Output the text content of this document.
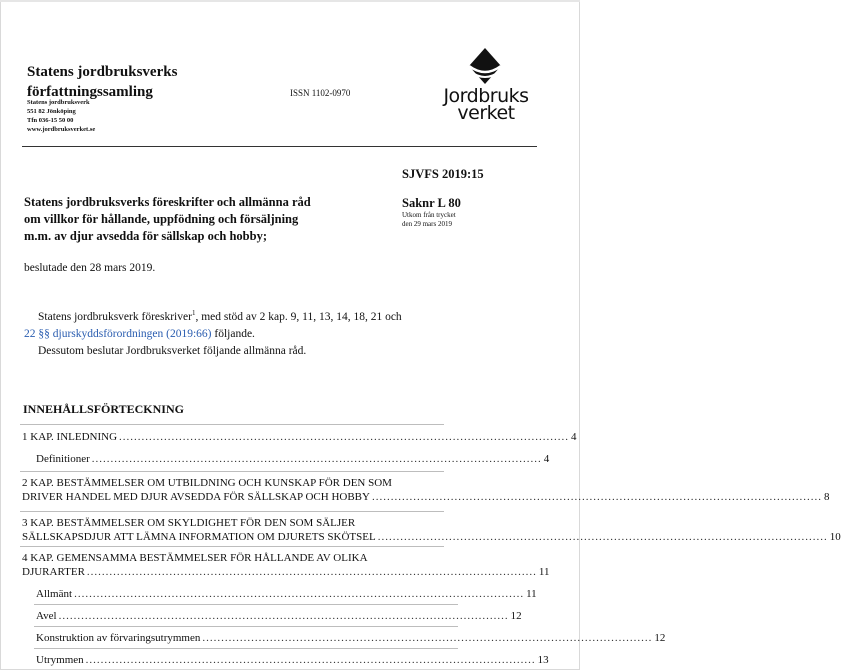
Statens jordbruksverks
författningssamling
Statens jordbruksverk
551 82 Jönköping
Tfn 036-15 50 00
www.jordbruksverket.se
ISSN 1102-0970	Jordbruks
verket
SJVFS 2019:15
Saknr L 80
Utkom från trycket
den 29 mars 2019
Statens jordbruksverks föreskrifter och allmänna råd
om villkor för hållande, uppfödning och försäljning
m.m. av djur avsedda för sällskap och hobby;
beslutade den 28 mars 2019.
Statens jordbruksverk föreskriver$^1$, med stöd av 2 kap. 9, 11, 13, 14, 18, 21 och
22 §§ djurskyddsförordningen (2019:66) följande.
Dessutom beslutar Jordbruksverket följande allmänna råd.
INNEHÅLLSFÖRTECKNING
1 KAP. INLEDNING ........................................................................................................................ 4
Definitioner ........................................................................................................................ 4
2 KAP. BESTÄMMELSER OM UTBILDNING OCH KUNSKAP FÖR DEN SOM
DRIVER HANDEL MED DJUR AVSEDDA FÖR SÄLLSKAP OCH HOBBY ........................................................................................................................ 8
3 KAP. BESTÄMMELSER OM SKYLDIGHET FÖR DEN SOM SÄLJER
SÄLLSKAPSDJUR ATT LÄMNA INFORMATION OM DJURETS SKÖTSEL ........................................................................................................................ 10
4 KAP. GEMENSAMMA BESTÄMMELSER FÖR HÅLLANDE AV OLIKA
DJURARTER ........................................................................................................................ 11
Allmänt ........................................................................................................................ 11
Avel ........................................................................................................................ 12
Konstruktion av förvaringsutrymmen ........................................................................................................................ 12
Utrymmen ........................................................................................................................ 13
